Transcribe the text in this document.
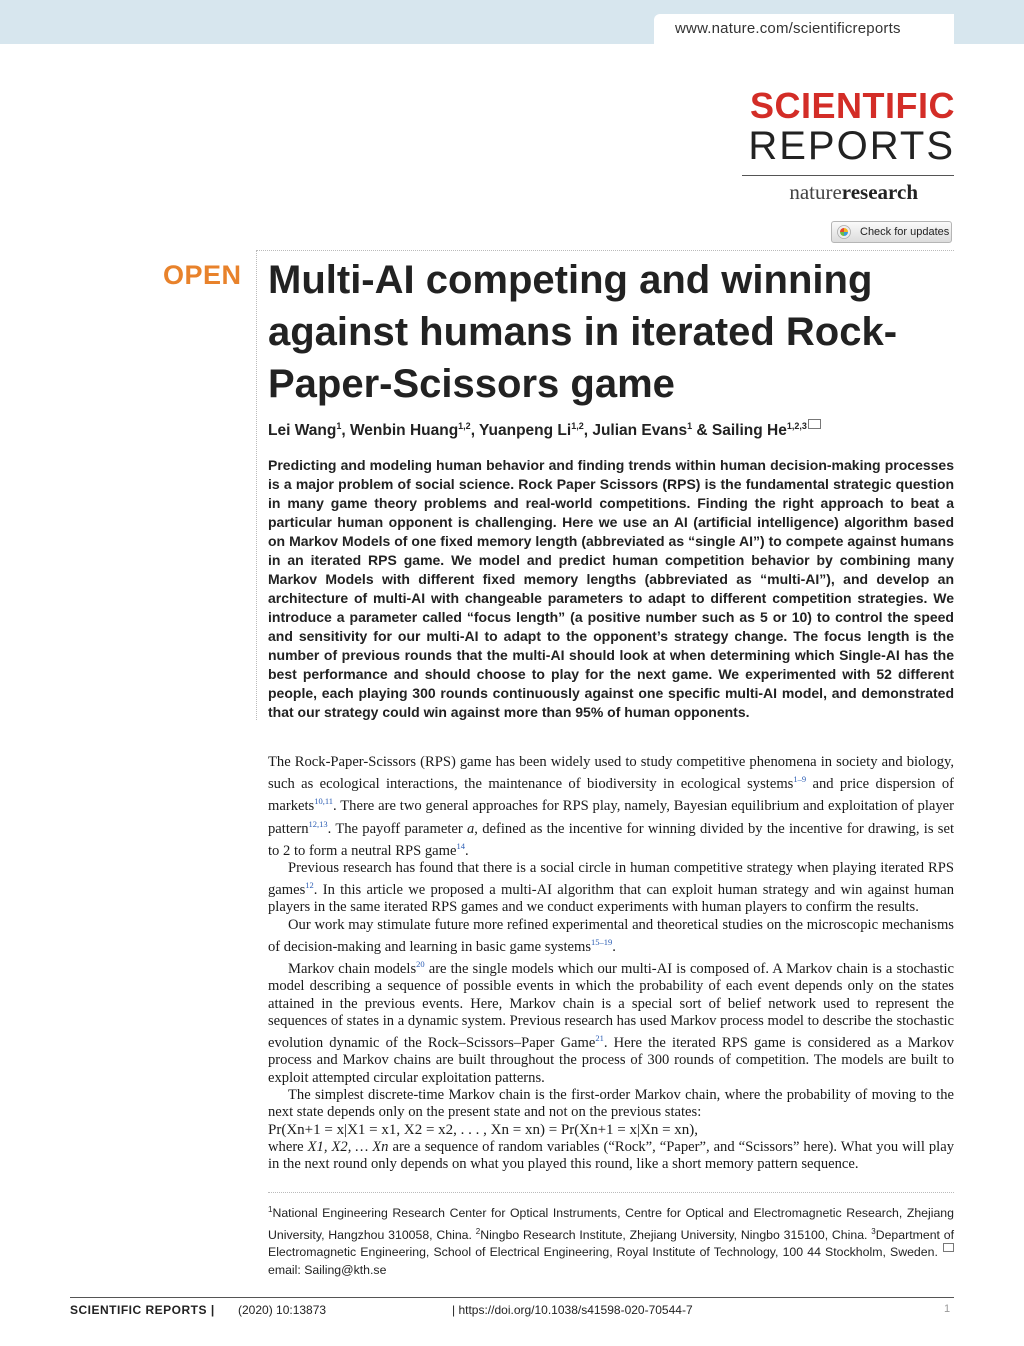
www.nature.com/scientificreports
SCIENTIFIC
REPORTS
natureresearch
Check for updates
OPEN Multi-AI competing and winning against humans in iterated Rock-Paper-Scissors game
Lei Wang$^1$, Wenbin Huang$^{1,2}$, Yuanpeng Li$^{1,2}$, Julian Evans$^1$ & Sailing He$^{1,2,3}$

Predicting and modeling human behavior and finding trends within human decision-making processes is a major problem of social science. Rock Paper Scissors (RPS) is the fundamental strategic question in many game theory problems and real-world competitions. Finding the right approach to beat a particular human opponent is challenging. Here we use an AI (artificial intelligence) algorithm based on Markov Models of one fixed memory length (abbreviated as “single AI”) to compete against humans in an iterated RPS game. We model and predict human competition behavior by combining many Markov Models with different fixed memory lengths (abbreviated as “multi-AI”), and develop an architecture of multi-AI with changeable parameters to adapt to different competition strategies. We introduce a parameter called “focus length” (a positive number such as 5 or 10) to control the speed and sensitivity for our multi-AI to adapt to the opponent’s strategy change. The focus length is the number of previous rounds that the multi-AI should look at when determining which Single-AI has the best performance and should choose to play for the next game. We experimented with 52 different people, each playing 300 rounds continuously against one specific multi-AI model, and demonstrated that our strategy could win against more than 95% of human opponents.

The Rock-Paper-Scissors (RPS) game has been widely used to study competitive phenomena in society and biology, such as ecological interactions, the maintenance of biodiversity in ecological systems$^{1-9}$ and price dispersion of markets$^{10,11}$. There are two general approaches for RPS play, namely, Bayesian equilibrium and exploitation of player pattern$^{12,13}$. The payoff parameter a, defined as the incentive for winning divided by the incentive for drawing, is set to 2 to form a neutral RPS game$^{14}$.

Previous research has found that there is a social circle in human competitive strategy when playing iterated RPS games$^{12}$. In this article we proposed a multi-AI algorithm that can exploit human strategy and win against human players in the same iterated RPS games and we conduct experiments with human players to confirm the results.

Our work may stimulate future more refined experimental and theoretical studies on the microscopic mechanisms of decision-making and learning in basic game systems$^{15-19}$.

Markov chain models$^{20}$ are the single models which our multi-AI is composed of. A Markov chain is a stochastic model describing a sequence of possible events in which the probability of each event depends only on the states attained in the previous events. Here, Markov chain is a special sort of belief network used to represent the sequences of states in a dynamic system. Previous research has used Markov process model to describe the stochastic evolution dynamic of the Rock–Scissors–Paper Game$^{21}$. Here the iterated RPS game is considered as a Markov process and Markov chains are built throughout the process of 300 rounds of competition. The models are built to exploit attempted circular exploitation patterns.

The simplest discrete-time Markov chain is the first-order Markov chain, where the probability of moving to the next state depends only on the present state and not on the previous states:

Pr(Xn+1 = x|X1 = x1, X2 = x2, . . . , Xn = xn) = Pr(Xn+1 = x|Xn = xn),

where X1, X2, … Xn are a sequence of random variables (“Rock”, “Paper”, and “Scissors” here). What you will play in the next round only depends on what you played this round, like a short memory pattern sequence.

$^1$National Engineering Research Center for Optical Instruments, Centre for Optical and Electromagnetic Research, Zhejiang University, Hangzhou 310058, China. $^2$Ningbo Research Institute, Zhejiang University, Ningbo 315100, China. $^3$Department of Electromagnetic Engineering, School of Electrical Engineering, Royal Institute of Technology, 100 44 Stockholm, Sweden. email: Sailing@kth.se

SCIENTIFIC REPORTS | (2020) 10:13873	| https://doi.org/10.1038/s41598-020-70544-7	1
